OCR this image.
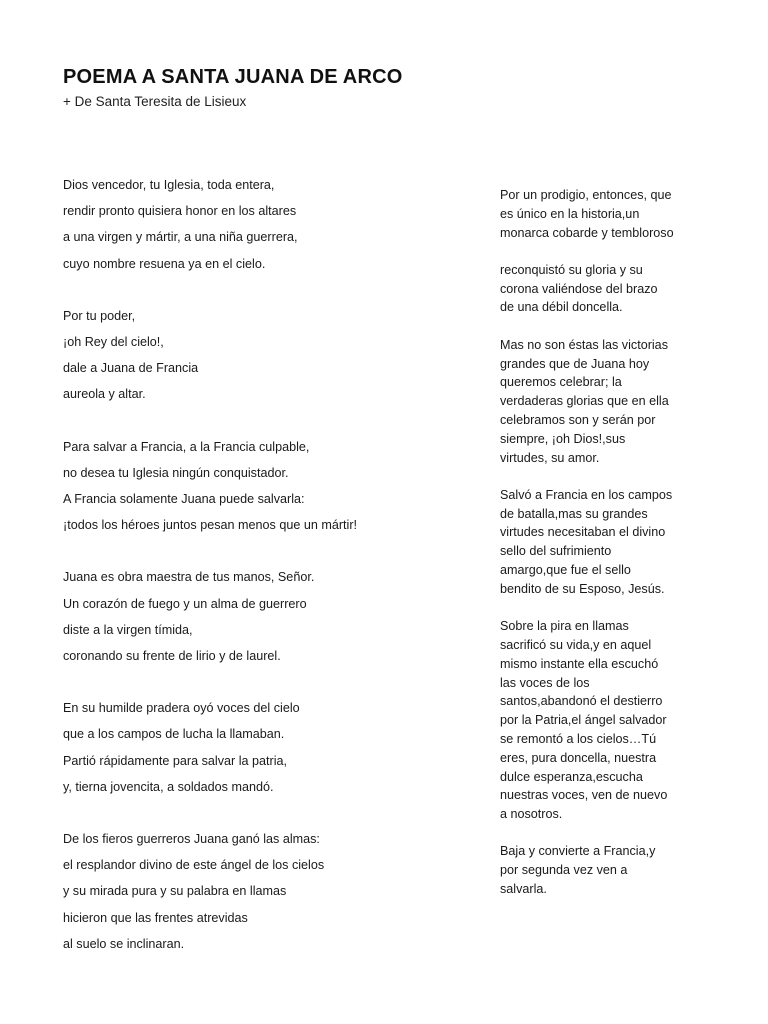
POEMA A SANTA JUANA DE ARCO

+ De Santa Teresita de Lisieux

Dios vencedor, tu Iglesia, toda entera,
rendir pronto quisiera honor en los altares
a una virgen y mártir, a una niña guerrera,
cuyo nombre resuena ya en el cielo.
Por tu poder,
¡oh Rey del cielo!,
dale a Juana de Francia
aureola y altar.
Para salvar a Francia, a la Francia culpable,
no desea tu Iglesia ningún conquistador.
A Francia solamente Juana puede salvarla:
¡todos los héroes juntos pesan menos que un mártir!
Juana es obra maestra de tus manos, Señor.
Un corazón de fuego y un alma de guerrero
diste a la virgen tímida,
coronando su frente de lirio y de laurel.
En su humilde pradera oyó voces del cielo
que a los campos de lucha la llamaban.
Partió rápidamente para salvar la patria,
y, tierna jovencita, a soldados mandó.
De los fieros guerreros Juana ganó las almas:
el resplandor divino de este ángel de los cielos
y su mirada pura y su palabra en llamas
hicieron que las frentes atrevidas
al suelo se inclinaran.
Por un prodigio, entonces, que
es único en la historia,un
monarca cobarde y tembloroso
reconquistó su gloria y su
corona valiéndose del brazo
de una débil doncella.
Mas no son éstas las victorias
grandes que de Juana hoy
queremos celebrar; la
verdaderas glorias que en ella
celebramos son y serán por
siempre, ¡oh Dios!,sus
virtudes, su amor.
Salvó a Francia en los campos
de batalla,mas su grandes
virtudes necesitaban el divino
sello del sufrimiento
amargo,que fue el sello
bendito de su Esposo, Jesús.
Sobre la pira en llamas
sacrificó su vida,y en aquel
mismo instante ella escuchó
las voces de los
santos,abandonó el destierro
por la Patria,el ángel salvador
se remontó a los cielos…Tú
eres, pura doncella, nuestra
dulce esperanza,escucha
nuestras voces, ven de nuevo
a nosotros.
Baja y convierte a Francia,y
por segunda vez ven a
salvarla.
